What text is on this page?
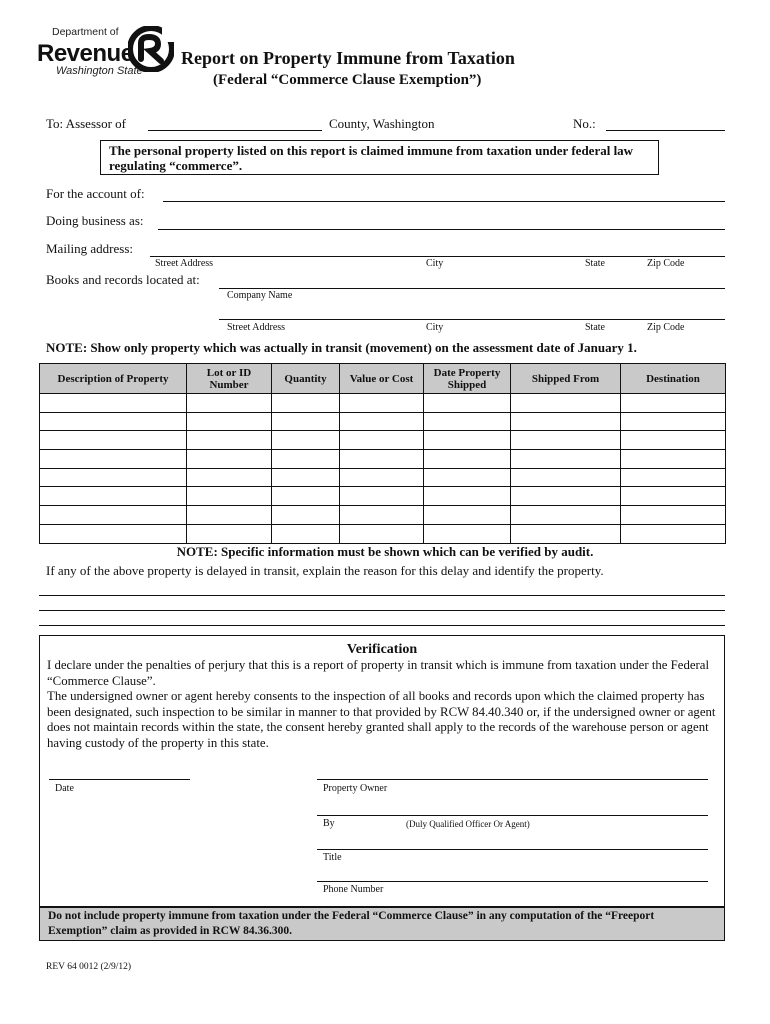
Department of
Revenue
Washington State
Report on Property Immune from Taxation
(Federal “Commerce Clause Exemption”)
To: Assessor of	County, Washington	No.:
The personal property listed on this report is claimed immune from taxation under federal law regulating “commerce”.
For the account of:
Doing business as:
Mailing address:
Street Address	City	State	Zip Code
Books and records located at:
Company Name
Street Address	City	State	Zip Code
NOTE: Show only property which was actually in transit (movement) on the assessment date of January 1.
Description of Property	Lot or ID Number	Quantity	Value or Cost	Date Property Shipped	Shipped From	Destination

NOTE: Specific information must be shown which can be verified by audit.
If any of the above property is delayed in transit, explain the reason for this delay and identify the property.
Verification
I declare under the penalties of perjury that this is a report of property in transit which is immune from taxation under the Federal “Commerce Clause”.
The undersigned owner or agent hereby consents to the inspection of all books and records upon which the claimed property has been designated, such inspection to be similar in manner to that provided by RCW 84.40.340 or, if the undersigned owner or agent does not maintain records within the state, the consent hereby granted shall apply to the records of the warehouse person or agent having custody of the property in this state.
Date	Property Owner
By	(Duly Qualified Officer Or Agent)
Title
Phone Number
Do not include property immune from taxation under the Federal “Commerce Clause” in any computation of the “Freeport Exemption” claim as provided in RCW 84.36.300.
REV 64 0012 (2/9/12)
